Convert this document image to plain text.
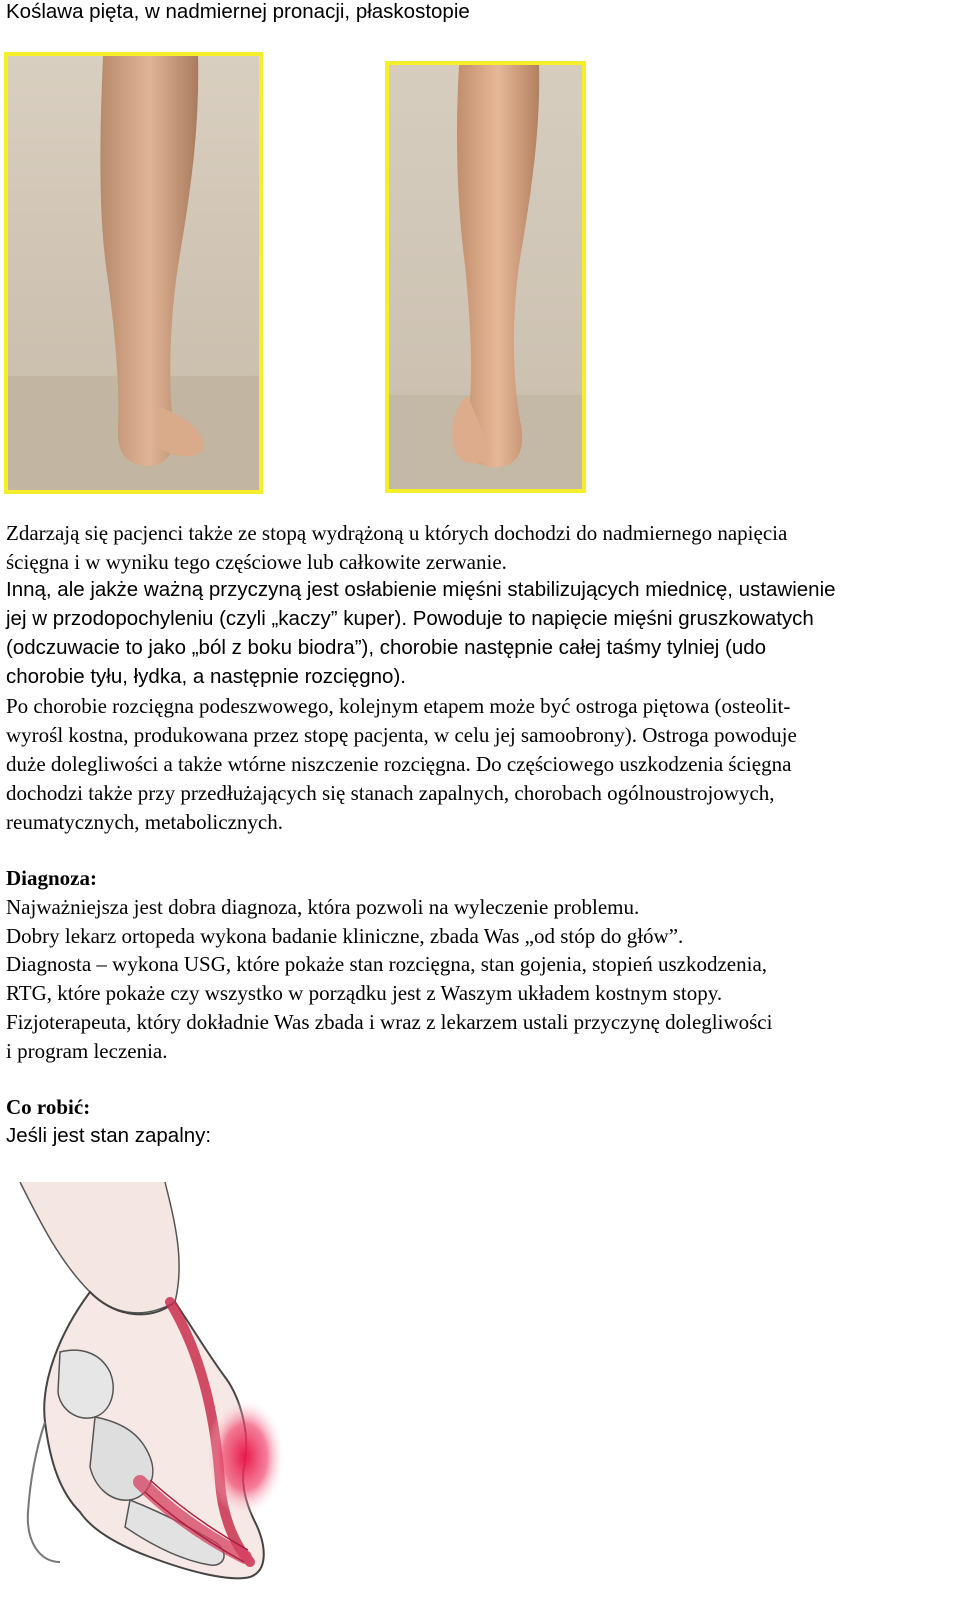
Koślawa pięta, w nadmiernej pronacji, płaskostopie
Zdarzają się pacjenci także ze stopą wydrążoną u których dochodzi do nadmiernego napięcia
ścięgna i w wyniku tego częściowe lub całkowite zerwanie.
Inną, ale jakże ważną przyczyną jest osłabienie mięśni stabilizujących miednicę, ustawienie
jej w przodopochyleniu (czyli „kaczy” kuper). Powoduje to napięcie mięśni gruszkowatych
(odczuwacie to jako „ból z boku biodra”), chorobie następnie całej taśmy tylniej (udo
chorobie tyłu, łydka, a następnie rozcięgno).
Po chorobie rozcięgna podeszwowego, kolejnym etapem może być ostroga piętowa (osteolit-
wyrośl kostna, produkowana przez stopę pacjenta, w celu jej samoobrony). Ostroga powoduje
duże dolegliwości a także wtórne niszczenie rozcięgna. Do częściowego uszkodzenia ścięgna
dochodzi także przy przedłużających się stanach zapalnych, chorobach ogólnoustrojowych,
reumatycznych, metabolicznych.
Diagnoza:
Najważniejsza jest dobra diagnoza, która pozwoli na wyleczenie problemu.
Dobry lekarz ortopeda wykona badanie kliniczne, zbada Was „od stóp do głów”.
Diagnosta – wykona USG, które pokaże stan rozcięgna, stan gojenia, stopień uszkodzenia,
RTG, które pokaże czy wszystko w porządku jest z Waszym układem kostnym stopy.
Fizjoterapeuta, który dokładnie Was zbada i wraz z lekarzem ustali przyczynę dolegliwości
i program leczenia.
Co robić:
Jeśli jest stan zapalny:
